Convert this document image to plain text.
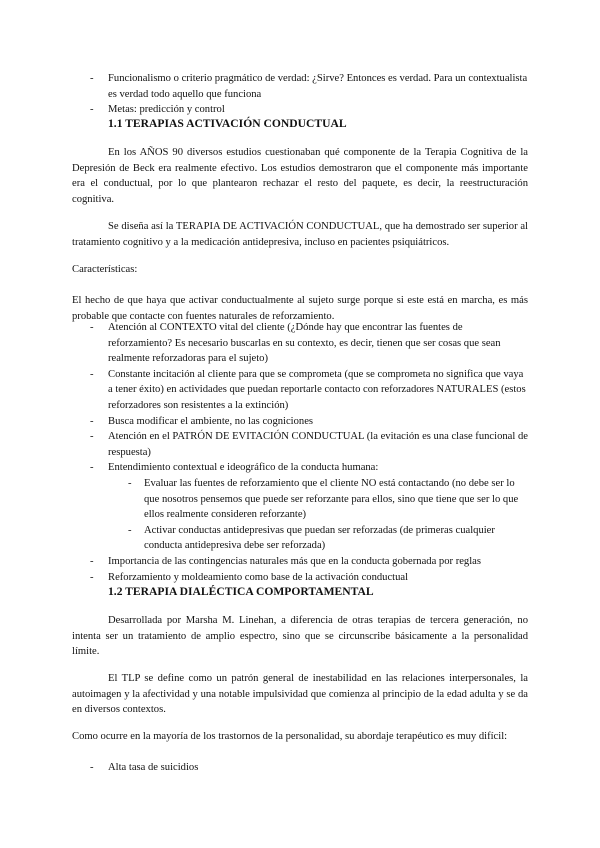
- Funcionalismo o criterio pragmático de verdad: ¿Sirve? Entonces es verdad. Para un contextualista es verdad todo aquello que funciona
- Metas: predicción y control
1.1 TERAPIAS ACTIVACIÓN CONDUCTUAL

En los AÑOS 90 diversos estudios cuestionaban qué componente de la Terapia Cognitiva de la Depresión de Beck era realmente efectivo. Los estudios demostraron que el componente más importante era el conductual, por lo que plantearon rechazar el resto del paquete, es decir, la reestructuración cognitiva.

Se diseña así la TERAPIA DE ACTIVACIÓN CONDUCTUAL, que ha demostrado ser superior al tratamiento cognitivo y a la medicación antidepresiva, incluso en pacientes psiquiátricos.

Características:

El hecho de que haya que activar conductualmente al sujeto surge porque si este está en marcha, es más probable que contacte con fuentes naturales de reforzamiento.

- Atención al CONTEXTO vital del cliente (¿Dónde hay que encontrar las fuentes de reforzamiento? Es necesario buscarlas en su contexto, es decir, tienen que ser cosas que sean realmente reforzadoras para el sujeto)
- Constante incitación al cliente para que se comprometa (que se comprometa no significa que vaya a tener éxito) en actividades que puedan reportarle contacto con reforzadores NATURALES (estos reforzadores son resistentes a la extinción)
- Busca modificar el ambiente, no las cogniciones
- Atención en el PATRÓN DE EVITACIÓN CONDUCTUAL (la evitación es una clase funcional de respuesta)
- Entendimiento contextual e ideográfico de la conducta humana:
- Evaluar las fuentes de reforzamiento que el cliente NO está contactando (no debe ser lo que nosotros pensemos que puede ser reforzante para ellos, sino que tiene que ser lo que ellos realmente consideren reforzante)
- Activar conductas antidepresivas que puedan ser reforzadas (de primeras cualquier conducta antidepresiva debe ser reforzada)
- Importancia de las contingencias naturales más que en la conducta gobernada por reglas
- Reforzamiento y moldeamiento como base de la activación conductual
1.2 TERAPIA DIALÉCTICA COMPORTAMENTAL

Desarrollada por Marsha M. Linehan, a diferencia de otras terapias de tercera generación, no intenta ser un tratamiento de amplio espectro, sino que se circunscribe básicamente a la personalidad límite.

El TLP se define como un patrón general de inestabilidad en las relaciones interpersonales, la autoimagen y la afectividad y una notable impulsividad que comienza al principio de la edad adulta y se da en diversos contextos.

Como ocurre en la mayoría de los trastornos de la personalidad, su abordaje terapéutico es muy difícil:

- Alta tasa de suicidios
